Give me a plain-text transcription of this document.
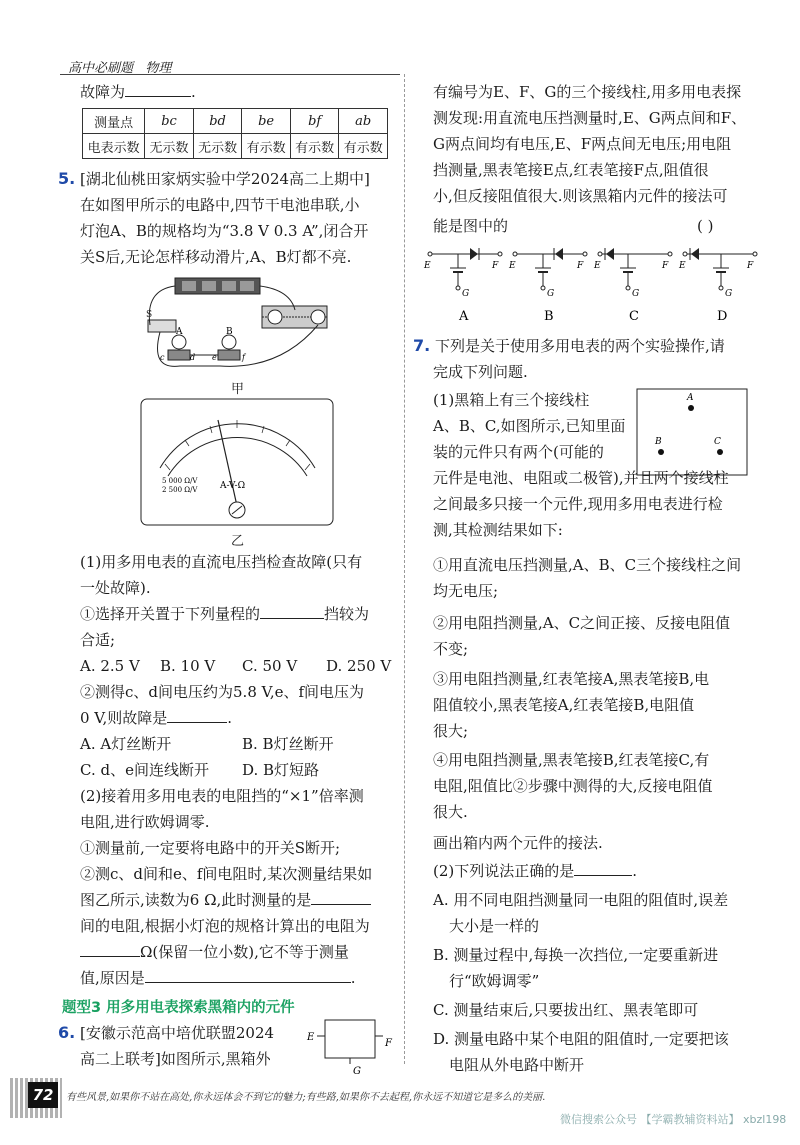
高中必刷题 物理
故障为	.
测量点	bc	bd	be	bf	ab
电表示数	无示数	无示数	有示数	有示数	有示数
5. [湖北仙桃田家炳实验中学2024高二上期中]
在如图甲所示的电路中,四节干电池串联,小
灯泡A、B的规格均为“3.8 V 0.3 A”,闭合开
关S后,无论怎样移动滑片,A、B灯都不亮.
S
A	B
c	d e	f
甲
5 000 Ω/V
2 500 Ω/V	A-V-Ω
乙
(1)用多用电表的直流电压挡检查故障(只有
一处故障).
①选择开关置于下列量程的	挡较为
合适;
A. 2.5 V B. 10 V C. 50 V D. 250 V
②测得c、d间电压约为5.8 V,e、f间电压为
0 V,则故障是	.
A. A灯丝断开	B. B灯丝断开
C. d、e间连线断开 D. B灯短路
(2)接着用多用电表的电阻挡的“×1”倍率测
电阻,进行欧姆调零.
①测量前,一定要将电路中的开关S断开;
②测c、d间和e、f间电阻时,某次测量结果如
图乙所示,读数为6 Ω,此时测量的是
间的电阻,根据小灯泡的规格计算出的电阻为
Ω(保留一位小数),它不等于测量
值,原因是	.
题型3 用多用电表探索黑箱内的元件
6. [安徽示范高中培优联盟2024
高二上联考]如图所示,黑箱外
E
F
G
有编号为E、F、G的三个接线柱,用多用电表探
测发现:用直流电压挡测量时,E、G两点间和F、
G两点间均有电压,E、F两点间无电压;用电阻
挡测量,黑表笔接E点,红表笔接F点,阻值很
小,但反接阻值很大.则该黑箱内元件的接法可
能是图中的	( )
E	F
G
A
E	F
G
B
E	F
G
C
E	F
G
D
7. 下列是关于使用多用电表的两个实验操作,请
完成下列问题.
A
B	C
(1)黑箱上有三个接线柱
A、B、C,如图所示,已知里面
装的元件只有两个(可能的
元件是电池、电阻或二极管),并且两个接线柱
之间最多只接一个元件,现用多用电表进行检
测,其检测结果如下:
①用直流电压挡测量,A、B、C三个接线柱之间
均无电压;
②用电阻挡测量,A、C之间正接、反接电阻值
不变;
③用电阻挡测量,红表笔接A,黑表笔接B,电
阻值较小,黑表笔接A,红表笔接B,电阻值
很大;
④用电阻挡测量,黑表笔接B,红表笔接C,有
电阻,阻值比②步骤中测得的大,反接电阻值
很大.
画出箱内两个元件的接法.
(2)下列说法正确的是	.
A. 用不同电阻挡测量同一电阻的阻值时,误差
大小是一样的
B. 测量过程中,每换一次挡位,一定要重新进
行“欧姆调零”
C. 测量结束后,只要拔出红、黑表笔即可
D. 测量电路中某个电阻的阻值时,一定要把该
电阻从外电路中断开
72	有些风景,如果你不站在高处,你永远体会不到它的魅力;有些路,如果你不去起程,你永远不知道它是多么的美丽.
微信搜索公众号 【学霸教辅资料站】 xbzl198
